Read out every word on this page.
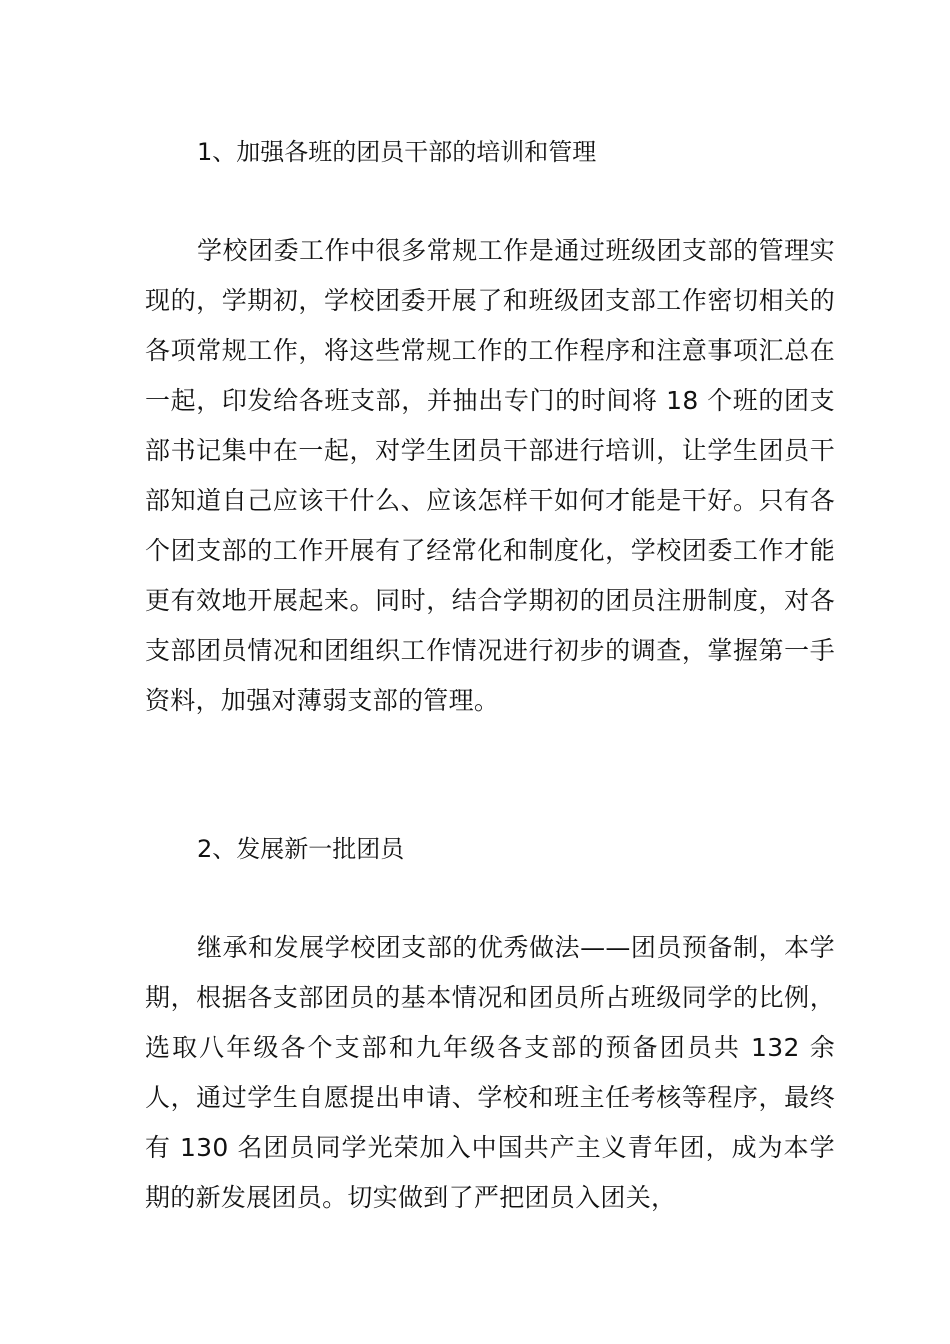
1、加强各班的团员干部的培训和管理

学校团委工作中很多常规工作是通过班级团支部的管理实现的，学期初，学校团委开展了和班级团支部工作密切相关的各项常规工作，将这些常规工作的工作程序和注意事项汇总在一起，印发给各班支部，并抽出专门的时间将 18 个班的团支部书记集中在一起，对学生团员干部进行培训，让学生团员干部知道自己应该干什么、应该怎样干如何才能是干好。只有各个团支部的工作开展有了经常化和制度化，学校团委工作才能更有效地开展起来。同时，结合学期初的团员注册制度，对各支部团员情况和团组织工作情况进行初步的调查，掌握第一手资料，加强对薄弱支部的管理。

2、发展新一批团员

继承和发展学校团支部的优秀做法——团员预备制，本学期，根据各支部团员的基本情况和团员所占班级同学的比例，选取八年级各个支部和九年级各支部的预备团员共 132 余人，通过学生自愿提出申请、学校和班主任考核等程序，最终有 130 名团员同学光荣加入中国共产主义青年团，成为本学期的新发展团员。切实做到了严把团员入团关，
